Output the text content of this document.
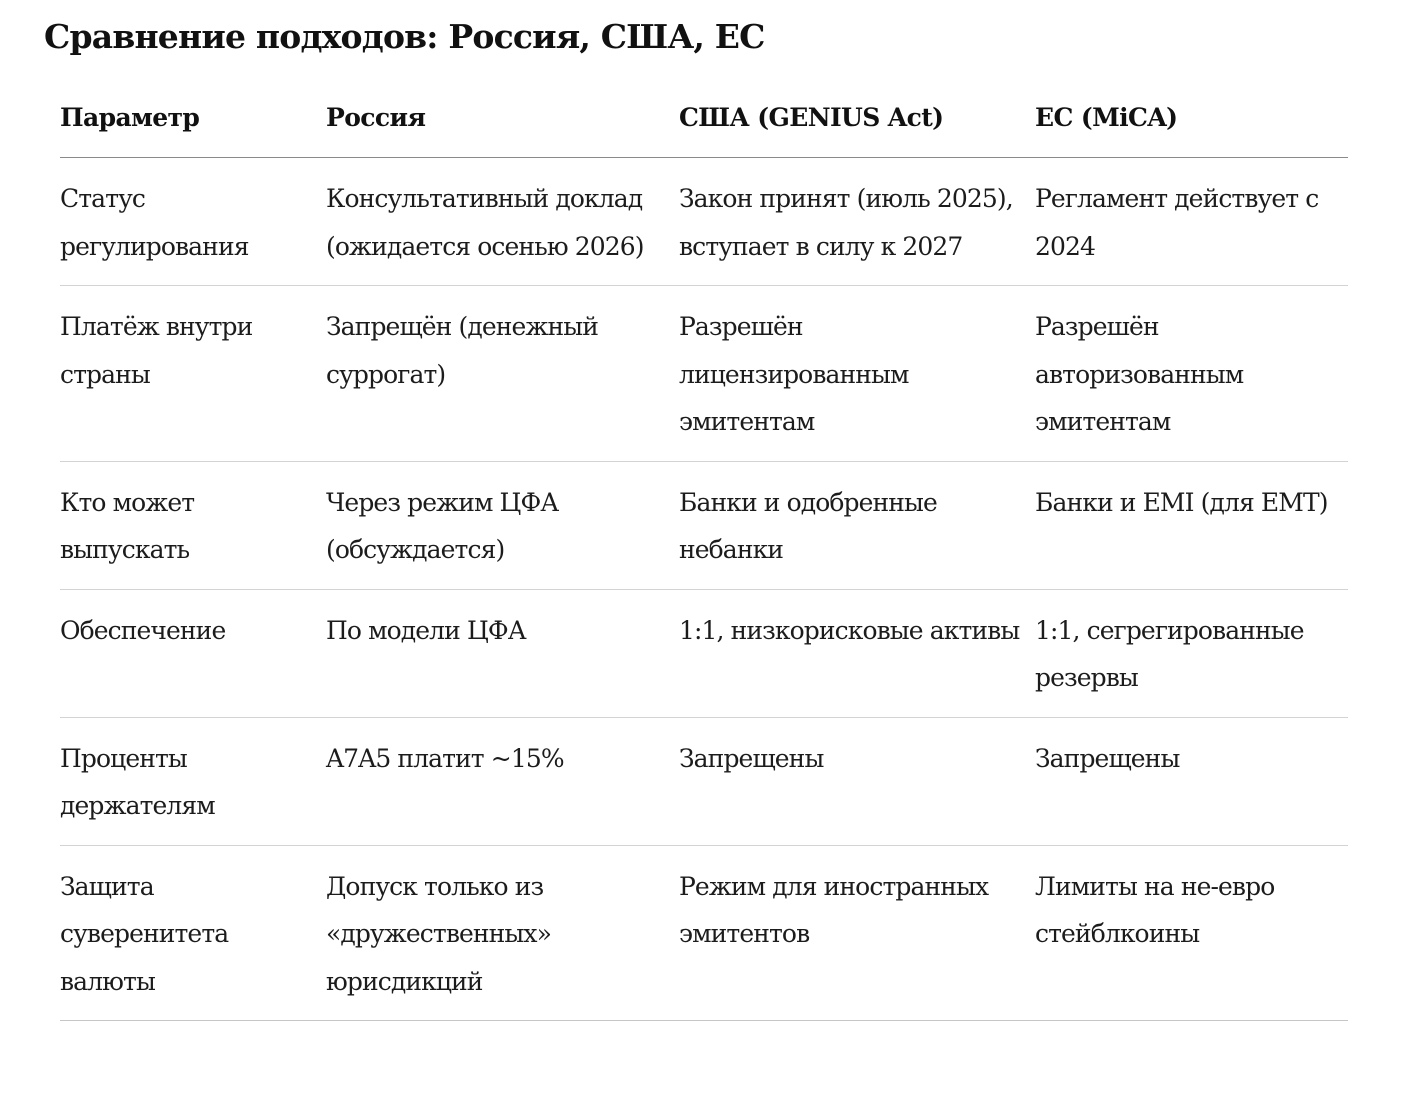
Сравнение подходов: Россия, США, ЕС
Параметр	Россия	США (GENIUS Act)	ЕС (MiCA)
Статус регулирования	Консультативный доклад (ожидается осенью 2026)	Закон принят (июль 2025), вступает в силу к 2027	Регламент действует с 2024
Платёж внутри страны	Запрещён (денежный суррогат)	Разрешён лицензированным эмитентам	Разрешён авторизованным эмитентам
Кто может выпускать	Через режим ЦФА (обсуждается)	Банки и одобренные небанки	Банки и EMI (для EMT)
Обеспечение	По модели ЦФА	1:1, низкорисковые активы	1:1, сегрегированные резервы
Проценты держателям	A7A5 платит ~15%	Запрещены	Запрещены
Защита суверенитета валюты	Допуск только из «дружественных» юрисдикций	Режим для иностранных эмитентов	Лимиты на не-евро стейблкоины
